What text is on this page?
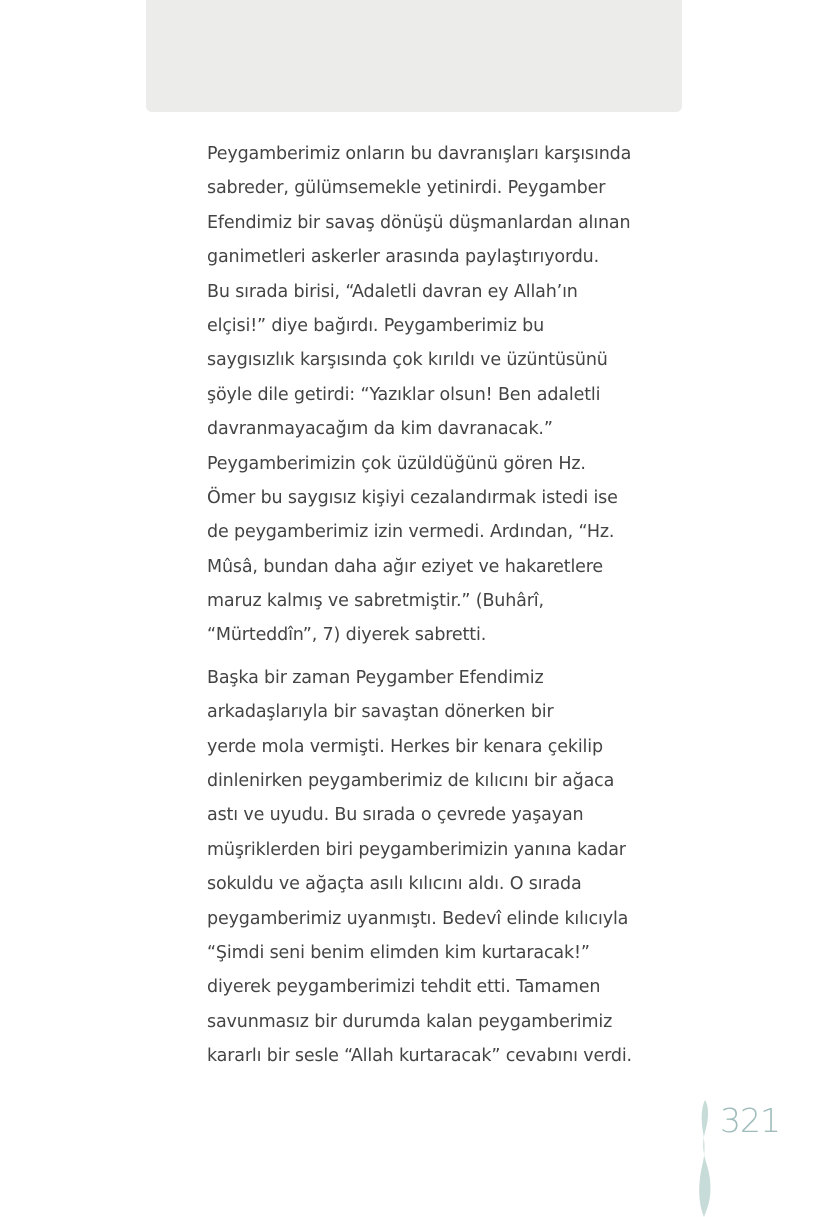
Peygamberimiz onların bu davranışları karşısında
sabreder, gülümsemekle yetinirdi. Peygamber
Efendimiz bir savaş dönüşü düşmanlardan alınan
ganimetleri askerler arasında paylaştırıyordu.
Bu sırada birisi, “Adaletli davran ey Allah’ın
elçisi!” diye bağırdı. Peygamberimiz bu
saygısızlık karşısında çok kırıldı ve üzüntüsünü
şöyle dile getirdi: “Yazıklar olsun! Ben adaletli
davranmayacağım da kim davranacak.”
Peygamberimizin çok üzüldüğünü gören Hz.
Ömer bu saygısız kişiyi cezalandırmak istedi ise
de peygamberimiz izin vermedi. Ardından, “Hz.
Mûsâ, bundan daha ağır eziyet ve hakaretlere
maruz kalmış ve sabretmiştir.” (Buhârî,
“Mürteddîn”, 7) diyerek sabretti.
Başka bir zaman Peygamber Efendimiz
arkadaşlarıyla bir savaştan dönerken bir
yerde mola vermişti. Herkes bir kenara çekilip
dinlenirken peygamberimiz de kılıcını bir ağaca
astı ve uyudu. Bu sırada o çevrede yaşayan
müşriklerden biri peygamberimizin yanına kadar
sokuldu ve ağaçta asılı kılıcını aldı. O sırada
peygamberimiz uyanmıştı. Bedevî elinde kılıcıyla
“Şimdi seni benim elimden kim kurtaracak!”
diyerek peygamberimizi tehdit etti. Tamamen
savunmasız bir durumda kalan peygamberimiz
kararlı bir sesle “Allah kurtaracak” cevabını verdi.
321
